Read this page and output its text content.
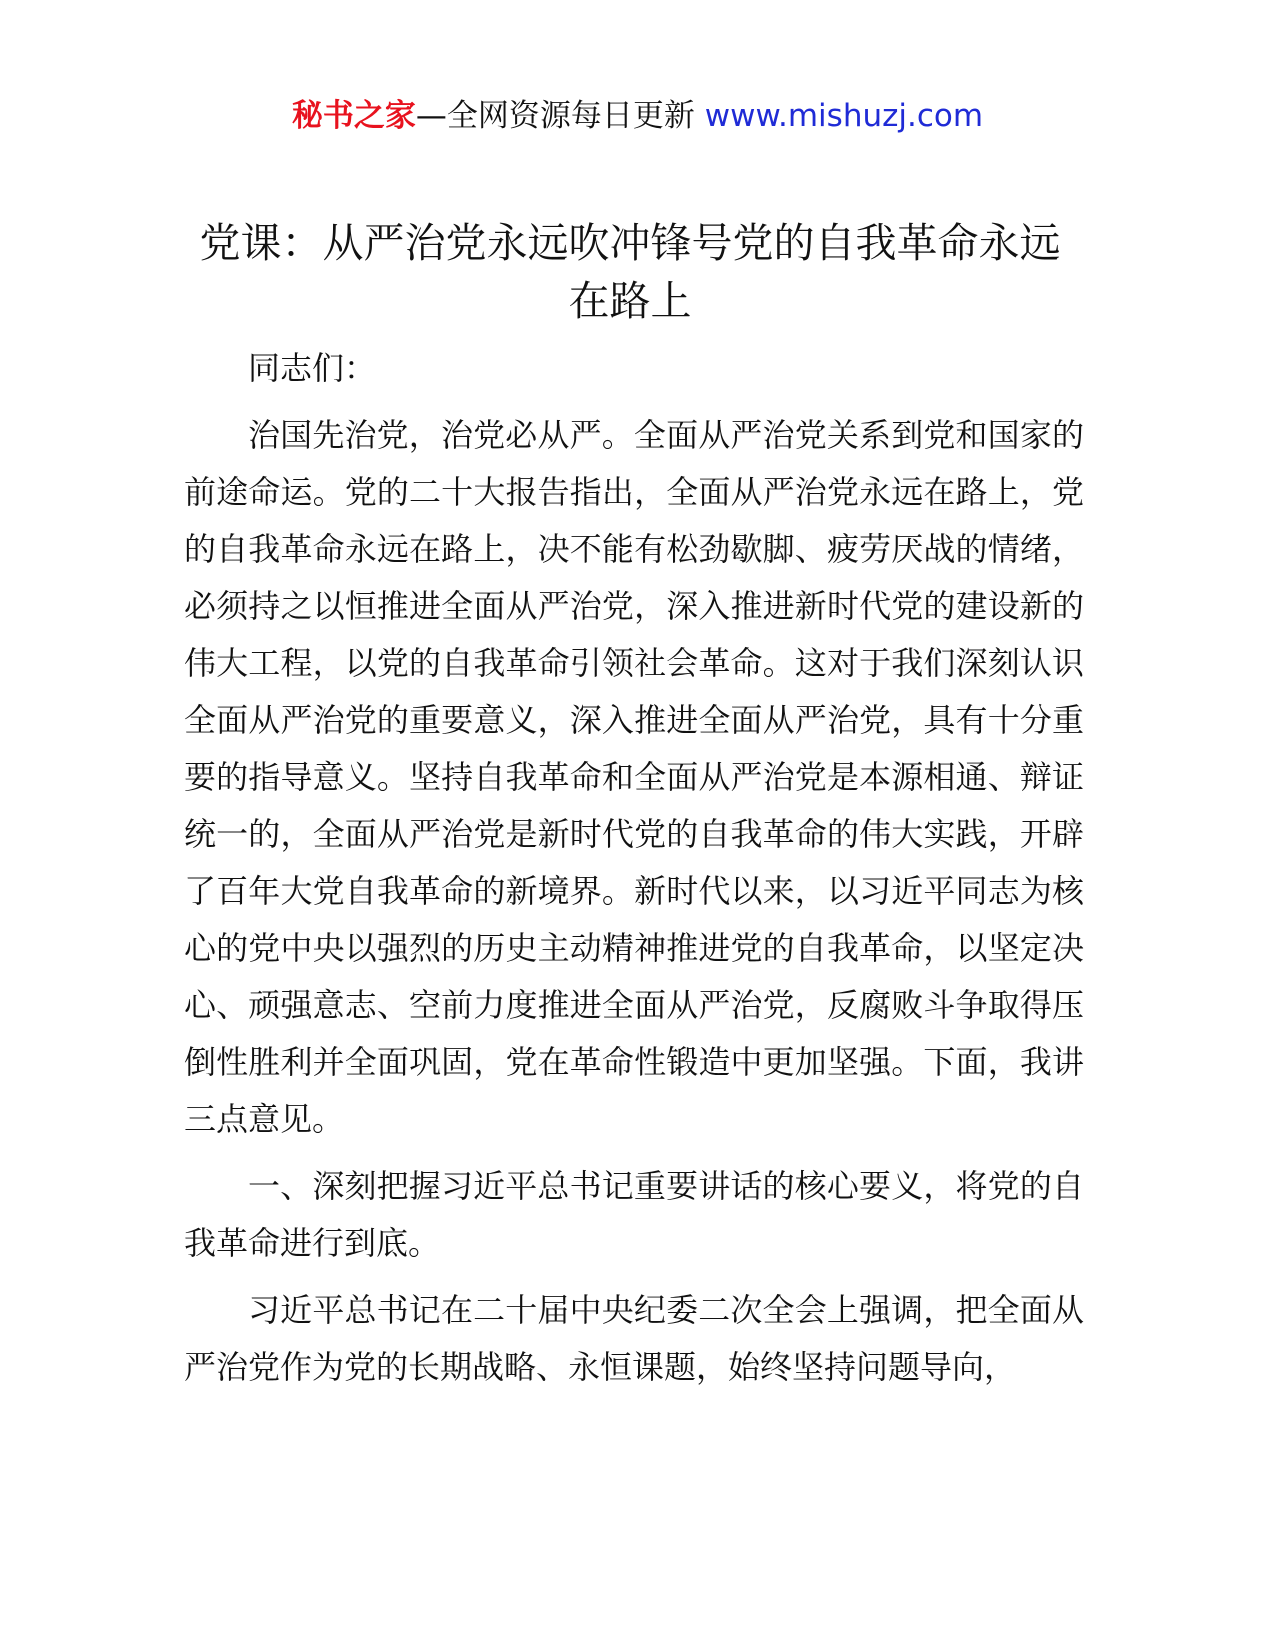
秘书之家—全网资源每日更新 www.mishuzj.com
党课：从严治党永远吹冲锋号党的自我革命永远在路上

同志们：

治国先治党，治党必从严。全面从严治党关系到党和国家的前途命运。党的二十大报告指出，全面从严治党永远在路上，党的自我革命永远在路上，决不能有松劲歇脚、疲劳厌战的情绪，必须持之以恒推进全面从严治党，深入推进新时代党的建设新的伟大工程，以党的自我革命引领社会革命。这对于我们深刻认识全面从严治党的重要意义，深入推进全面从严治党，具有十分重要的指导意义。坚持自我革命和全面从严治党是本源相通、辩证统一的，全面从严治党是新时代党的自我革命的伟大实践，开辟了百年大党自我革命的新境界。新时代以来，以习近平同志为核心的党中央以强烈的历史主动精神推进党的自我革命，以坚定决心、顽强意志、空前力度推进全面从严治党，反腐败斗争取得压倒性胜利并全面巩固，党在革命性锻造中更加坚强。下面，我讲三点意见。

一、深刻把握习近平总书记重要讲话的核心要义，将党的自我革命进行到底。

习近平总书记在二十届中央纪委二次全会上强调，把全面从严治党作为党的长期战略、永恒课题，始终坚持问题导向，
